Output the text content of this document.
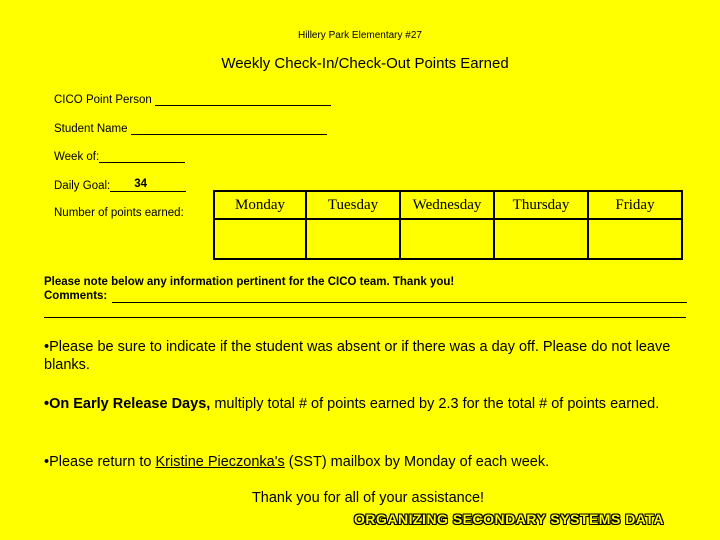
Hillery Park Elementary #27
Weekly Check-In/Check-Out Points Earned
CICO Point Person
Student Name
Week of:
Daily Goal: 34
Number of points earned:
Monday	Tuesday	Wednesday	Thursday	Friday

Please note below any information pertinent for the CICO team. Thank you!
Comments:
•Please be sure to indicate if the student was absent or if there was a day off. Please do not leave blanks.
•On Early Release Days, multiply total # of points earned by 2.3 for the total # of points earned.
•Please return to Kristine Pieczonka's (SST) mailbox by Monday of each week.
Thank you for all of your assistance!
ORGANIZING SECONDARY SYSTEMS DATA
